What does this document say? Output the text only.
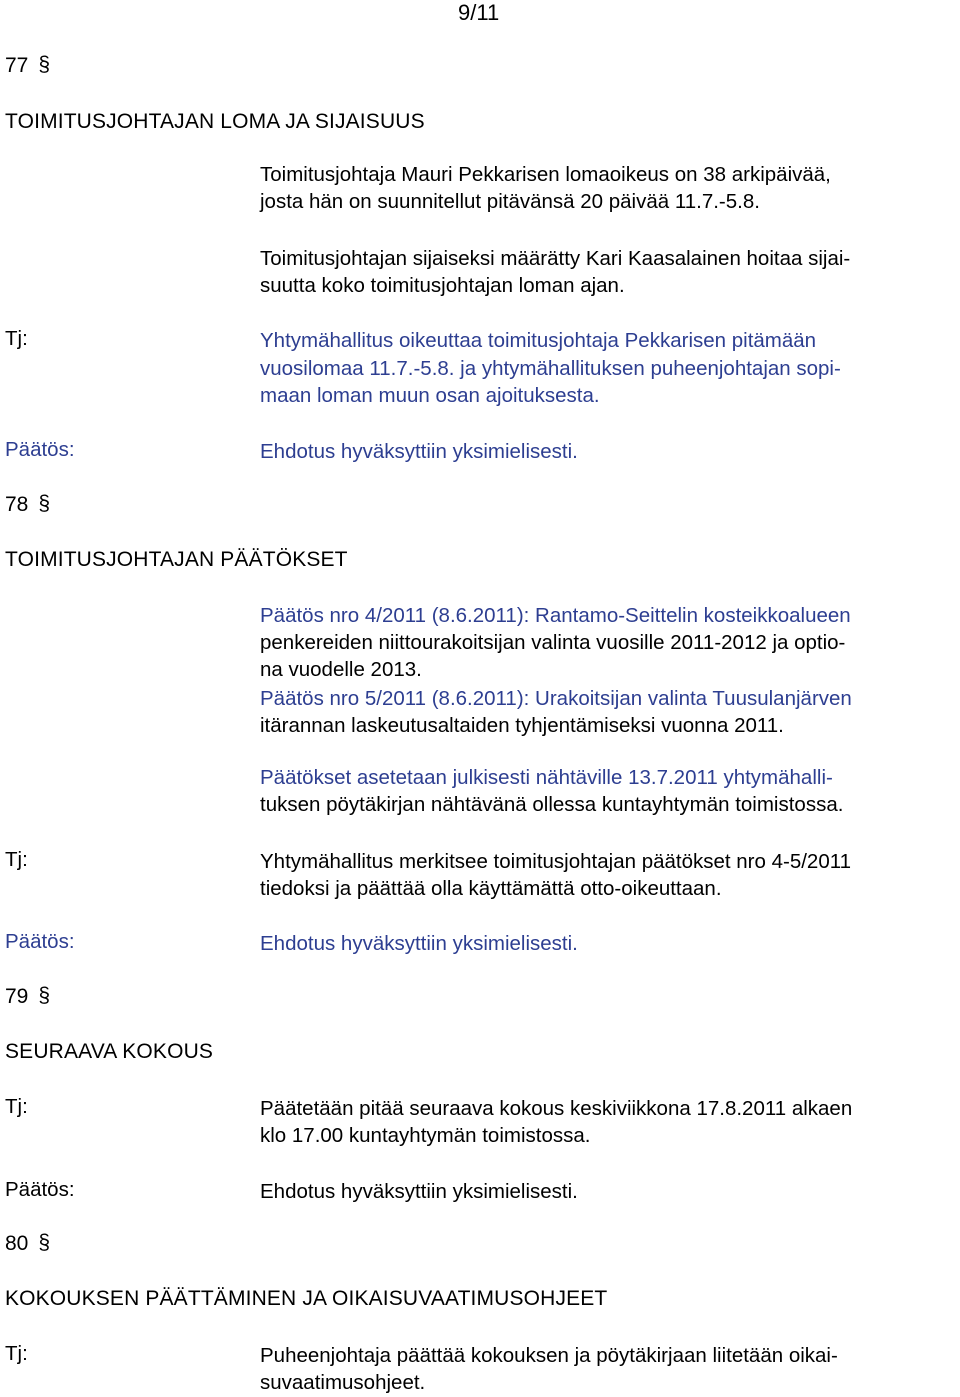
9/11
77 §
TOIMITUSJOHTAJAN LOMA JA SIJAISUUS
Toimitusjohtaja Mauri Pekkarisen lomaoikeus on 38 arkipäivää,
josta hän on suunnitellut pitävänsä 20 päivää 11.7.-5.8.
Toimitusjohtajan sijaiseksi määrätty Kari Kaasalainen hoitaa sijai-
suutta koko toimitusjohtajan loman ajan.
Tj:	Yhtymähallitus oikeuttaa toimitusjohtaja Pekkarisen pitämään
vuosilomaa 11.7.-5.8. ja yhtymähallituksen puheenjohtajan sopi-
maan loman muun osan ajoituksesta.
Päätös:	Ehdotus hyväksyttiin yksimielisesti.
78 §
TOIMITUSJOHTAJAN PÄÄTÖKSET
Päätös nro 4/2011 (8.6.2011): Rantamo-Seittelin kosteikkoalueen
penkereiden niittourakoitsijan valinta vuosille 2011-2012 ja optio-
na vuodelle 2013.
Päätös nro 5/2011 (8.6.2011): Urakoitsijan valinta Tuusulanjärven
itärannan laskeutusaltaiden tyhjentämiseksi vuonna 2011.
Päätökset asetetaan julkisesti nähtäville 13.7.2011 yhtymähalli-
tuksen pöytäkirjan nähtävänä ollessa kuntayhtymän toimistossa.
Tj:	Yhtymähallitus merkitsee toimitusjohtajan päätökset nro 4-5/2011
tiedoksi ja päättää olla käyttämättä otto-oikeuttaan.
Päätös:	Ehdotus hyväksyttiin yksimielisesti.
79 §
SEURAAVA KOKOUS
Tj:	Päätetään pitää seuraava kokous keskiviikkona 17.8.2011 alkaen
klo 17.00 kuntayhtymän toimistossa.
Päätös:	Ehdotus hyväksyttiin yksimielisesti.
80 §
KOKOUKSEN PÄÄTTÄMINEN JA OIKAISUVAATIMUSOHJEET
Tj:	Puheenjohtaja päättää kokouksen ja pöytäkirjaan liitetään oikai-
suvaatimusohjeet.
